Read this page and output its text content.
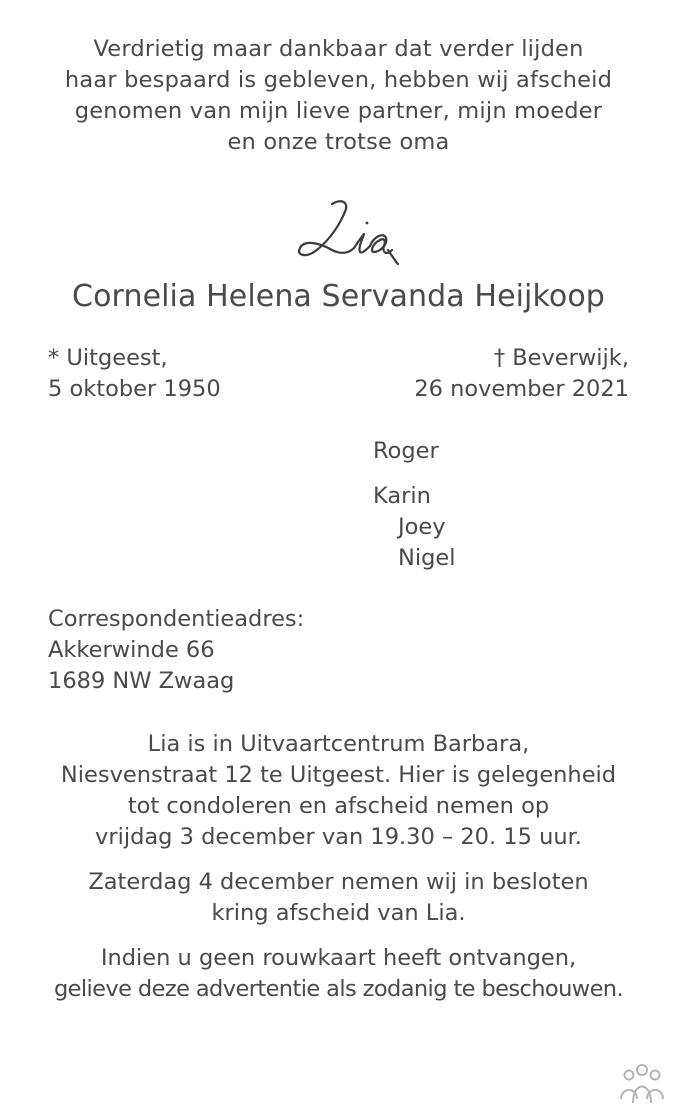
Verdrietig maar dankbaar dat verder lijden
haar bespaard is gebleven, hebben wij afscheid
genomen van mijn lieve partner, mijn moeder
en onze trotse oma
Cornelia Helena Servanda Heijkoop
* Uitgeest,
5 oktober 1950
† Beverwijk,
26 november 2021
Roger
Karin
Joey
Nigel
Correspondentieadres:
Akkerwinde 66
1689 NW Zwaag
Lia is in Uitvaartcentrum Barbara,
Niesvenstraat 12 te Uitgeest. Hier is gelegenheid
tot condoleren en afscheid nemen op
vrijdag 3 december van 19.30 – 20. 15 uur.
Zaterdag 4 december nemen wij in besloten
kring afscheid van Lia.
Indien u geen rouwkaart heeft ontvangen,
gelieve deze advertentie als zodanig te beschouwen.
